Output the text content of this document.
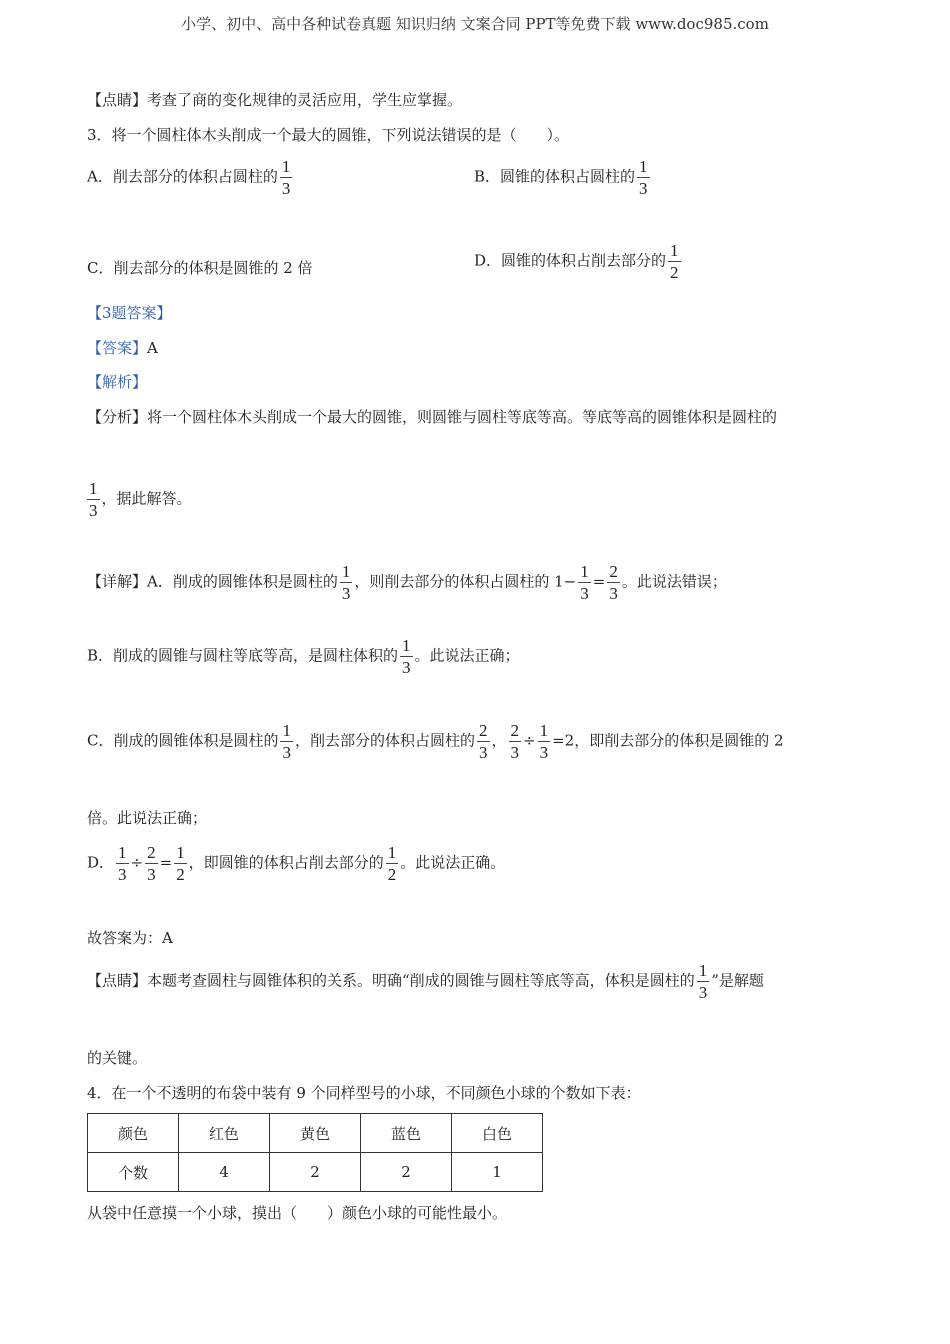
小学、初中、高中各种试卷真题 知识归纳 文案合同 PPT等免费下载 www.doc985.com
【点睛】考查了商的变化规律的灵活应用，学生应掌握。
3．将一个圆柱体木头削成一个最大的圆锥，下列说法错误的是（　　）。
A．削去部分的体积占圆柱的 $\frac{1}{3}$	B．圆锥的体积占圆柱的 $\frac{1}{3}$
C．削去部分的体积是圆锥的 2 倍	D．圆锥的体积占削去部分的 $\frac{1}{2}$
【3题答案】
【答案】A
【解析】
【分析】将一个圆柱体木头削成一个最大的圆锥，则圆锥与圆柱等底等高。等底等高的圆锥体积是圆柱的
$\frac{1}{3}$ ，据此解答。
【详解】A．削成的圆锥体积是圆柱的 $\frac{1}{3}$ ，则削去部分的体积占圆柱的 $1- \frac{1}{3} = \frac{2}{3}$ 。此说法错误；
B．削成的圆锥与圆柱等底等高，是圆柱体积的 $\frac{1}{3}$ 。此说法正确；
C．削成的圆锥体积是圆柱的 $\frac{1}{3}$ ，削去部分的体积占圆柱的 $\frac{2}{3}$ ， $\frac{2}{3} \div \frac{1}{3} =2$，即削去部分的体积是圆锥的 2
倍。此说法正确；
D． $\frac{1}{3} \div \frac{2}{3} = \frac{1}{2}$ ，即圆锥的体积占削去部分的 $\frac{1}{2}$ 。此说法正确。
故答案为：A
【点睛】本题考查圆柱与圆锥体积的关系。明确“削成的圆锥与圆柱等底等高，体积是圆柱的 $\frac{1}{3}$ ”是解题
的关键。
4．在一个不透明的布袋中装有 9 个同样型号的小球，不同颜色小球的个数如下表：
颜色	红色	黄色	蓝色	白色
个数	4	2	2	1
从袋中任意摸一个小球，摸出（　　）颜色小球的可能性最小。
